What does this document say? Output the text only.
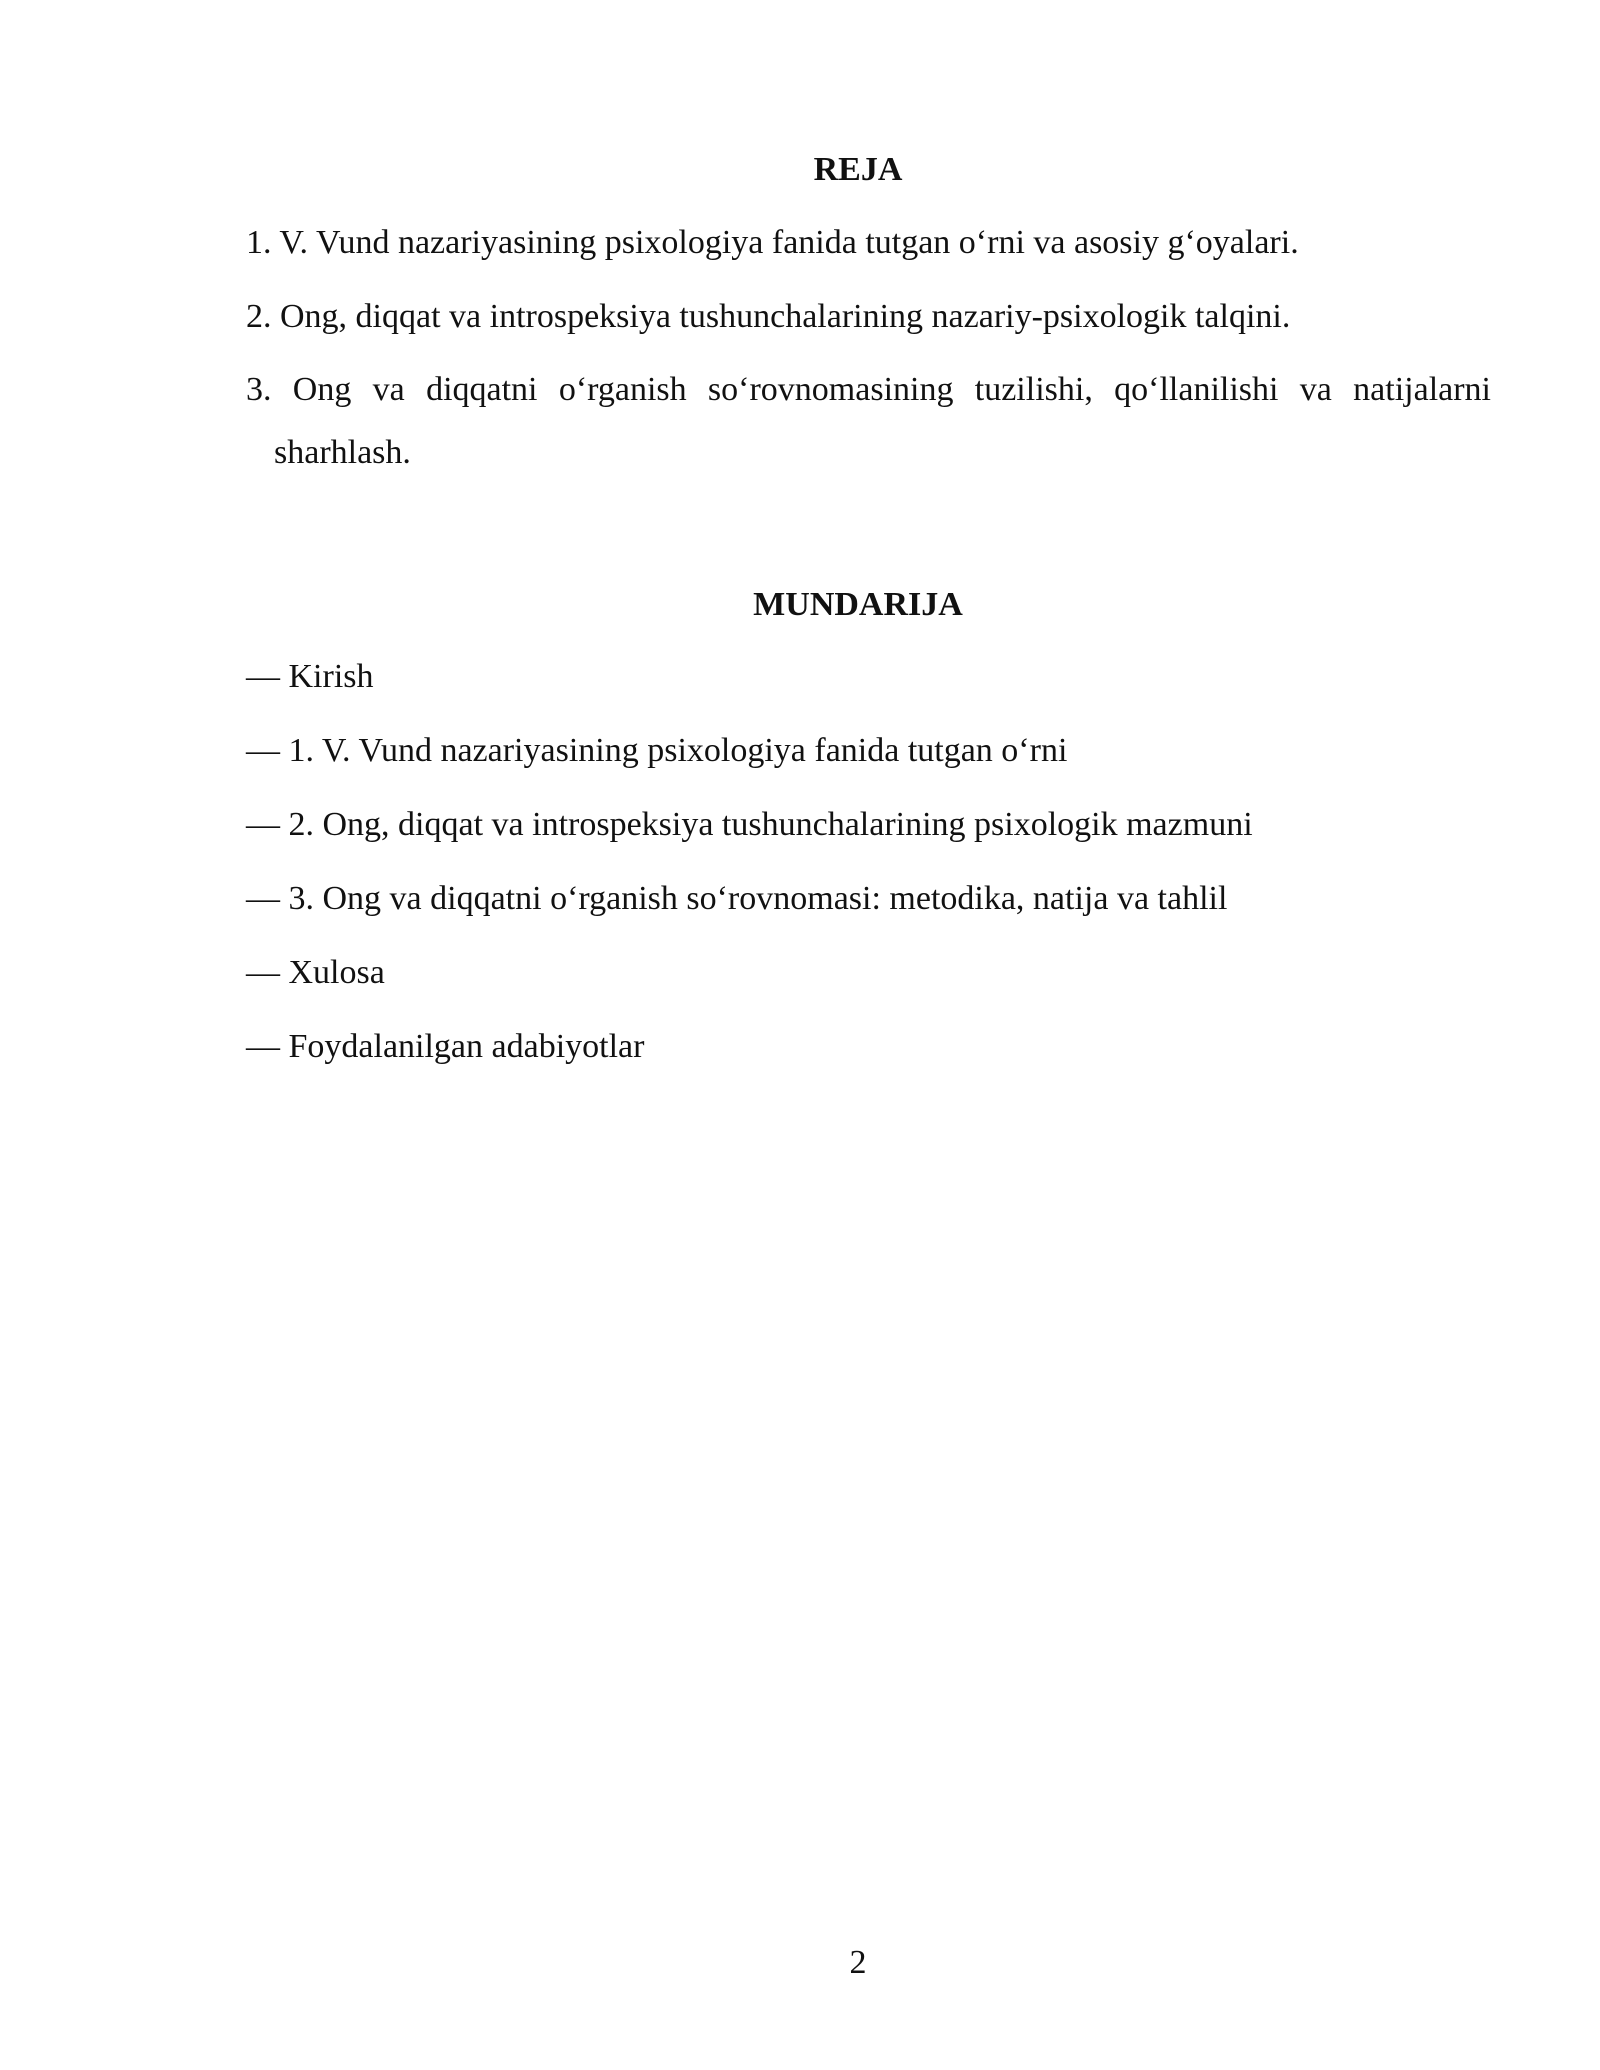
REJA
1. V. Vund nazariyasining psixologiya fanida tutgan o‘rni va asosiy g‘oyalari.
2. Ong, diqqat va introspeksiya tushunchalarining nazariy-psixologik talqini.
3. Ong va diqqatni o‘rganish so‘rovnomasining tuzilishi, qo‘llanilishi va natijalarni
sharhlash.
MUNDARIJA
— Kirish
— 1. V. Vund nazariyasining psixologiya fanida tutgan o‘rni
— 2. Ong, diqqat va introspeksiya tushunchalarining psixologik mazmuni
— 3. Ong va diqqatni o‘rganish so‘rovnomasi: metodika, natija va tahlil
— Xulosa
— Foydalanilgan adabiyotlar
2
